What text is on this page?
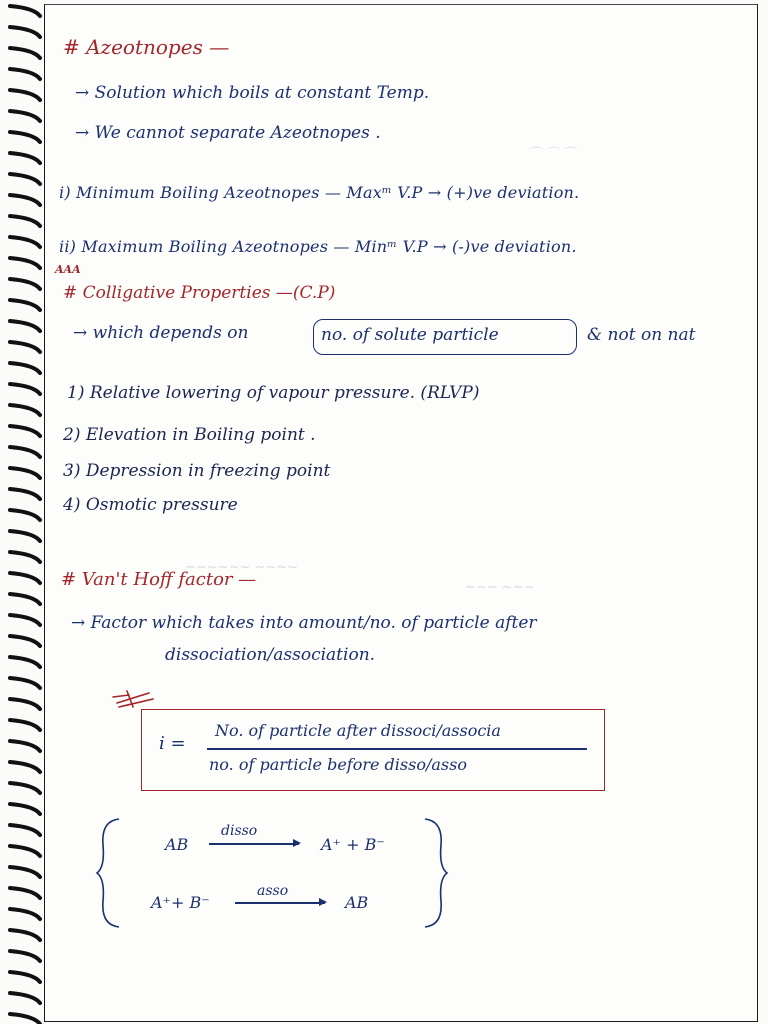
⌒ ⌒ ⌒
~~~ ~~~
~~~~~~ ~~~~
# Azeotnopes —
→ Solution which boils at constant Temp.
→ We cannot separate Azeotnopes .
i) Minimum Boiling Azeotnopes — Maxᵐ V.P → (+)ve deviation.
ii) Maximum Boiling Azeotnopes — Minᵐ V.P → (-)ve deviation.
AAA
# Colligative Properties —(C.P)
→ which depends on	no. of solute particle	& not on nat
1) Relative lowering of vapour pressure. (RLVP)
2) Elevation in Boiling point .
3) Depression in freezing point
4) Osmotic pressure
# Van't Hoff factor —
→ Factor which takes into amount/no. of particle after
dissociation/association.
i =
No. of particle after dissoci/associa
no. of particle before disso/asso
AB
disso
A⁺ + B⁻
A⁺+ B⁻
asso
AB
